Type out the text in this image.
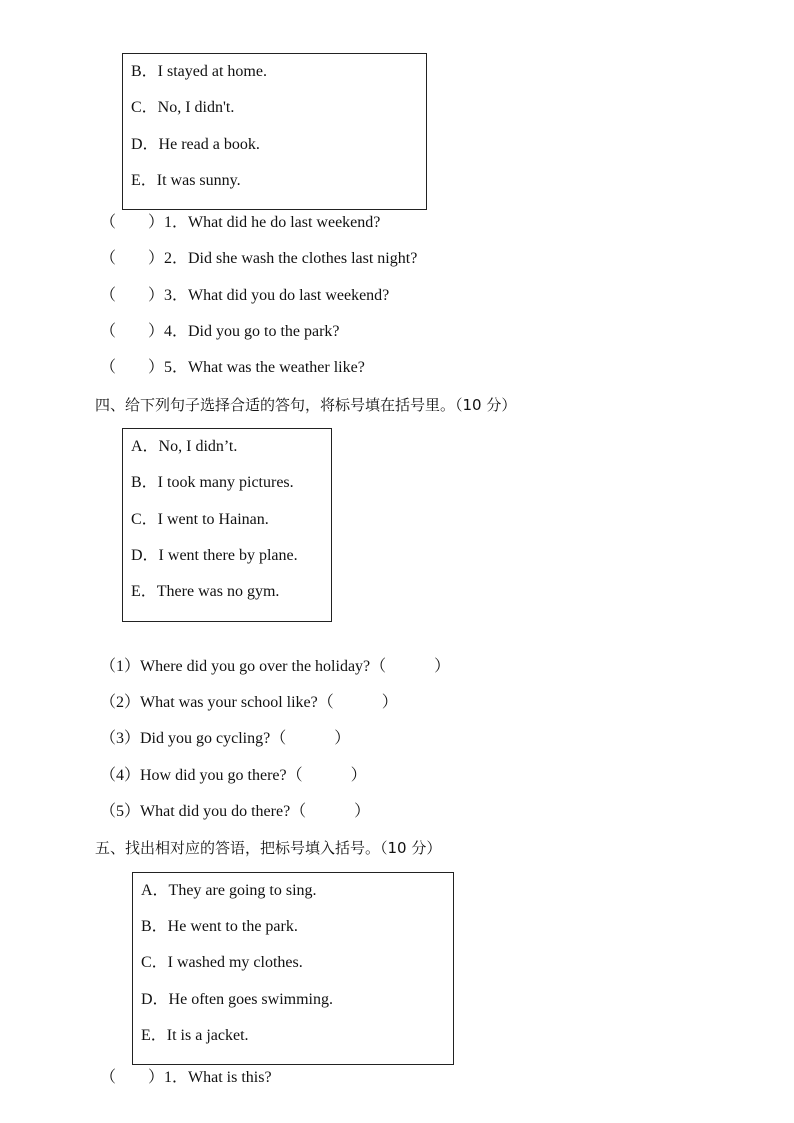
B．I stayed at home.
C．No, I didn't.
D．He read a book.
E．It was sunny.
（　　）1．What did he do last weekend?
（　　）2．Did she wash the clothes last night?
（　　）3．What did you do last weekend?
（　　）4．Did you go to the park?
（　　）5．What was the weather like?
四、给下列句子选择合适的答句，将标号填在括号里。（10 分）
A．No, I didn’t.
B．I took many pictures.
C．I went to Hainan.
D．I went there by plane.
E．There was no gym.
（1）Where did you go over the holiday?（　　　）
（2）What was your school like?（　　　）
（3）Did you go cycling?（　　　）
（4）How did you go there?（　　　）
（5）What did you do there?（　　　）
五、找出相对应的答语，把标号填入括号。（10 分）
A．They are going to sing.
B．He went to the park.
C．I washed my clothes.
D．He often goes swimming.
E．It is a jacket.
（　　）1．What is this?
